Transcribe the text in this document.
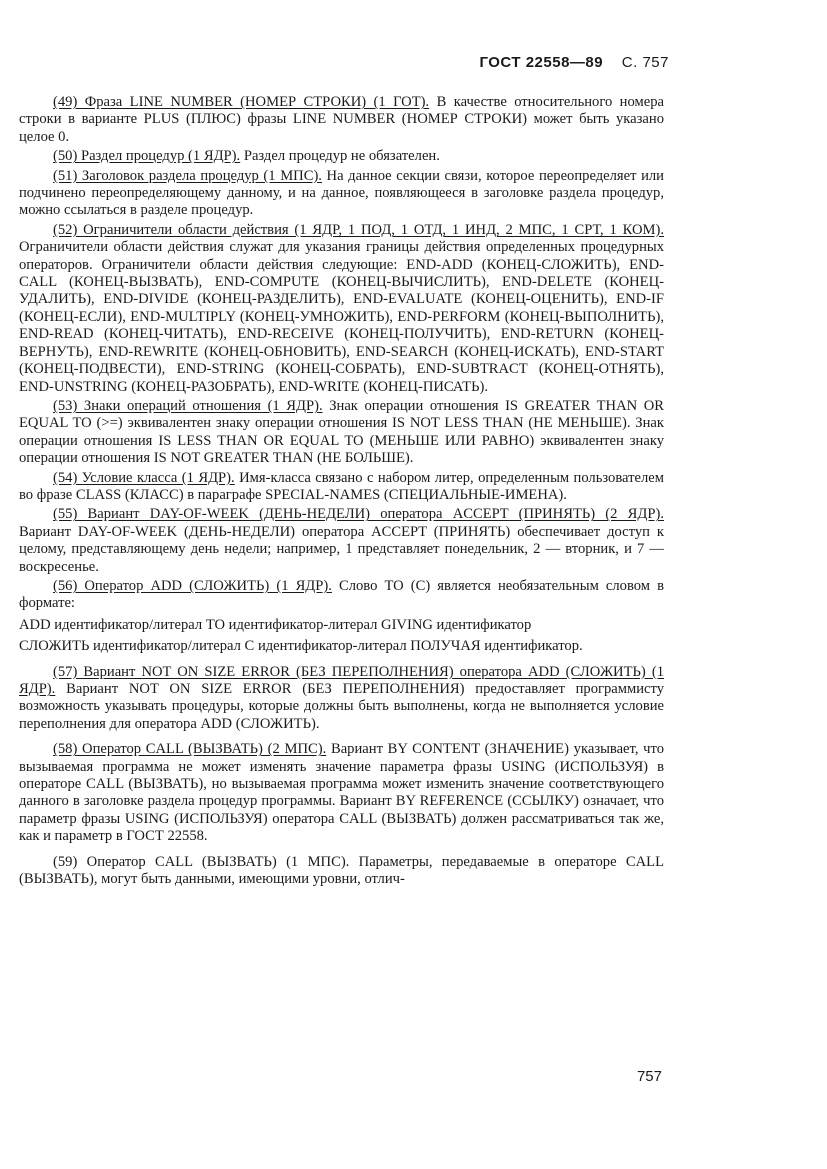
ГОСТ 22558—89 С. 757

(49) Фраза LINE NUMBER (НОМЕР СТРОКИ) (1 ГОТ). В качестве относительного номера строки в варианте PLUS (ПЛЮС) фразы LINE NUMBER (НОМЕР СТРОКИ) может быть указано целое 0.

(50) Раздел процедур (1 ЯДР). Раздел процедур не обязателен.

(51) Заголовок раздела процедур (1 МПС). На данное секции связи, которое переопределяет или подчинено переопределяющему данному, и на данное, появляющееся в заголовке раздела процедур, можно ссылаться в разделе процедур.

(52) Ограничители области действия (1 ЯДР, 1 ПОД, 1 ОТД, 1 ИНД, 2 МПС, 1 СРТ, 1 КОМ). Ограничители области действия служат для указания границы действия определенных процедурных операторов. Ограничители области действия следующие: END-ADD (КОНЕЦ-СЛОЖИТЬ), END-CALL (КОНЕЦ-ВЫЗВАТЬ), END-COMPUTE (КОНЕЦ-ВЫЧИСЛИТЬ), END-DELETE (КОНЕЦ-УДАЛИТЬ), END-DIVIDE (КОНЕЦ-РАЗДЕЛИТЬ), END-EVALUATE (КОНЕЦ-ОЦЕНИТЬ), END-IF (КОНЕЦ-ЕСЛИ), END-MULTIPLY (КОНЕЦ-УМНОЖИТЬ), END-PERFORM (КОНЕЦ-ВЫПОЛНИТЬ), END-READ (КОНЕЦ-ЧИТАТЬ), END-RECEIVE (КОНЕЦ-ПОЛУЧИТЬ), END-RETURN (КОНЕЦ-ВЕРНУТЬ), END-REWRITE (КОНЕЦ-ОБНОВИТЬ), END-SEARCH (КОНЕЦ-ИСКАТЬ), END-START (КОНЕЦ-ПОДВЕСТИ), END-STRING (КОНЕЦ-СОБРАТЬ), END-SUBTRACT (КОНЕЦ-ОТНЯТЬ), END-UNSTRING (КОНЕЦ-РАЗОБРАТЬ), END-WRITE (КОНЕЦ-ПИСАТЬ).

(53) Знаки операций отношения (1 ЯДР). Знак операции отношения IS GREATER THAN OR EQUAL TO (>=) эквивалентен знаку операции отношения IS NOT LESS THAN (НЕ МЕНЬШЕ). Знак операции отношения IS LESS THAN OR EQUAL TO (МЕНЬШЕ ИЛИ РАВНО) эквивалентен знаку операции отношения IS NOT GREATER THAN (НЕ БОЛЬШЕ).

(54) Условие класса (1 ЯДР). Имя-класса связано с набором литер, определенным пользователем во фразе CLASS (КЛАСС) в параграфе SPECIAL-NAMES (СПЕЦИАЛЬНЫЕ-ИМЕНА).

(55) Вариант DAY-OF-WEEK (ДЕНЬ-НЕДЕЛИ) оператора ACCEPT (ПРИНЯТЬ) (2 ЯДР). Вариант DAY-OF-WEEK (ДЕНЬ-НЕДЕЛИ) оператора ACCEPT (ПРИНЯТЬ) обеспечивает доступ к целому, представляющему день недели; например, 1 представляет понедельник, 2 — вторник, и 7 — воскресенье.

(56) Оператор ADD (СЛОЖИТЬ) (1 ЯДР). Слово TO (С) является необязательным словом в формате:

ADD идентификатор/литерал TO идентификатор-литерал GIVING идентификатор

СЛОЖИТЬ идентификатор/литерал С идентификатор-литерал ПОЛУЧАЯ идентификатор.

(57) Вариант NOT ON SIZE ERROR (БЕЗ ПЕРЕПОЛНЕНИЯ) оператора ADD (СЛОЖИТЬ) (1 ЯДР). Вариант NOT ON SIZE ERROR (БЕЗ ПЕРЕПОЛНЕНИЯ) предоставляет программисту возможность указывать процедуры, которые должны быть выполнены, когда не выполняется условие переполнения для оператора ADD (СЛОЖИТЬ).

(58) Оператор CALL (ВЫЗВАТЬ) (2 МПС). Вариант BY CONTENT (ЗНАЧЕНИЕ) указывает, что вызываемая программа не может изменять значение параметра фразы USING (ИСПОЛЬЗУЯ) в операторе CALL (ВЫЗВАТЬ), но вызываемая программа может изменить значение соответствующего данного в заголовке раздела процедур программы. Вариант BY REFERENCE (ССЫЛКУ) означает, что параметр фразы USING (ИСПОЛЬЗУЯ) оператора CALL (ВЫЗВАТЬ) должен рассматриваться так же, как и параметр в ГОСТ 22558.

(59) Оператор CALL (ВЫЗВАТЬ) (1 МПС). Параметры, передаваемые в операторе CALL (ВЫЗВАТЬ), могут быть данными, имеющими уровни, отлич-

757
